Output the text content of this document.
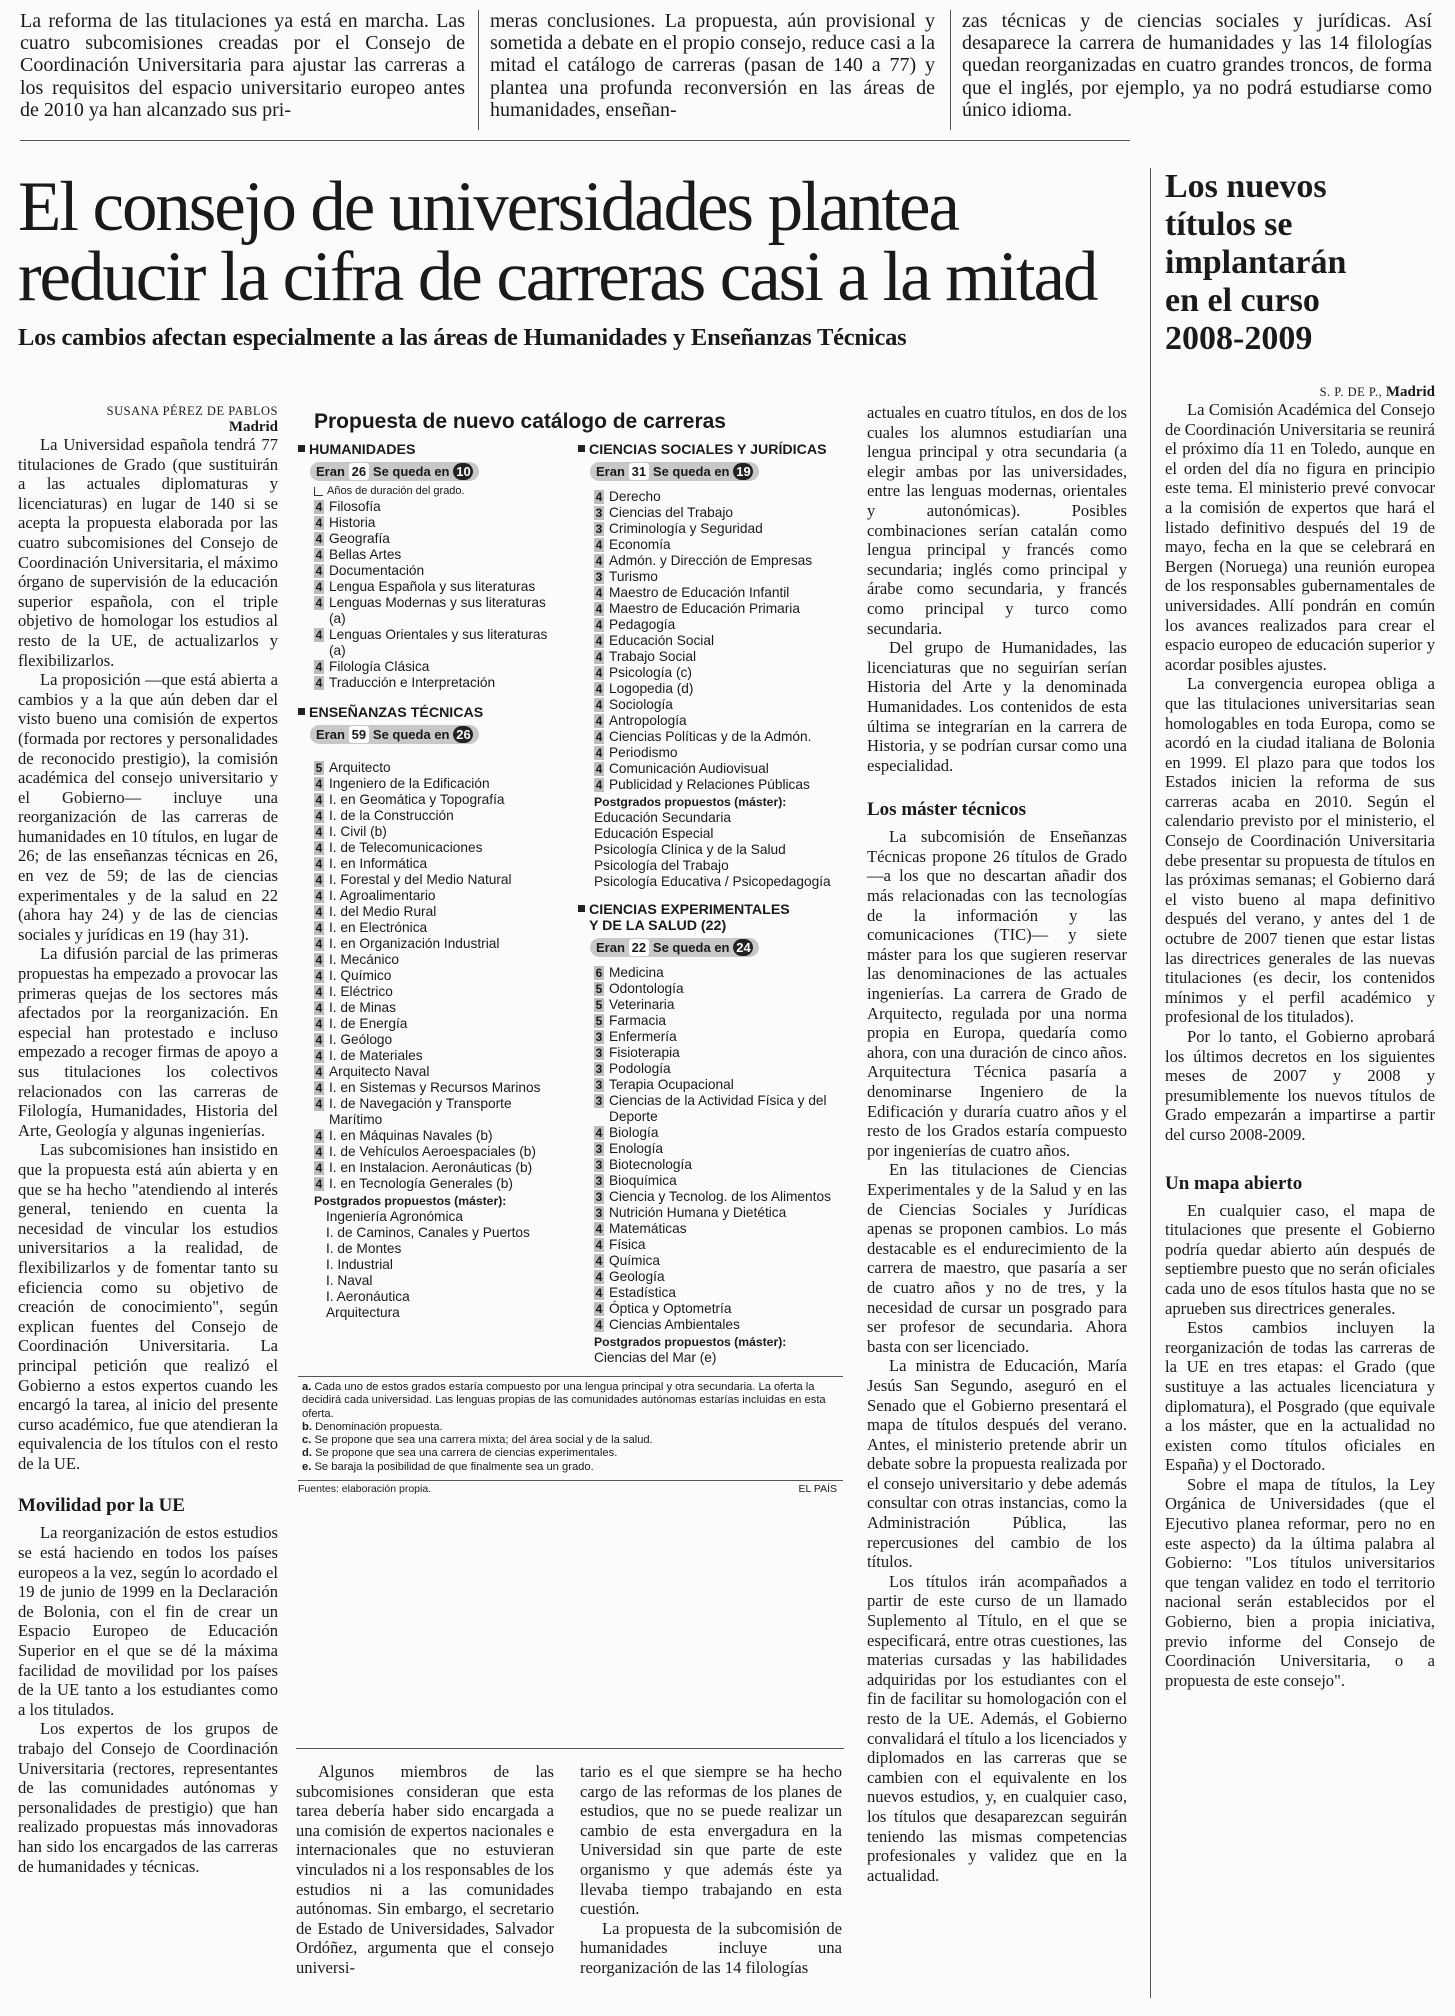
La reforma de las titulaciones ya está en marcha. Las cuatro subcomisiones creadas por el Consejo de Coordinación Universitaria para ajustar las carreras a los requisitos del espacio universitario europeo antes de 2010 ya han alcanzado sus pri-

meras conclusiones. La propuesta, aún provisional y sometida a debate en el propio consejo, reduce casi a la mitad el catálogo de carreras (pasan de 140 a 77) y plantea una profunda reconversión en las áreas de humanidades, enseñan-

zas técnicas y de ciencias sociales y jurídicas. Así desaparece la carrera de humanidades y las 14 filologías quedan reorganizadas en cuatro grandes troncos, de forma que el inglés, por ejemplo, ya no podrá estudiarse como único idioma.

El consejo de universidades plantea
reducir la cifra de carreras casi a la mitad
Los cambios afectan especialmente a las áreas de Humanidades y Enseñanzas Técnicas
SUSANA PÉREZ DE PABLOS
Madrid

La Universidad española tendrá 77 titulaciones de Grado (que sustituirán a las actuales diplomaturas y licenciaturas) en lugar de 140 si se acepta la propuesta elaborada por las cuatro subcomisiones del Consejo de Coordinación Universitaria, el máximo órgano de supervisión de la educación superior española, con el triple objetivo de homologar los estudios al resto de la UE, de actualizarlos y flexibilizarlos.

La proposición —que está abierta a cambios y a la que aún deben dar el visto bueno una comisión de expertos (formada por rectores y personalidades de reconocido prestigio), la comisión académica del consejo universitario y el Gobierno— incluye una reorganización de las carreras de humanidades en 10 títulos, en lugar de 26; de las enseñanzas técnicas en 26, en vez de 59; de las de ciencias experimentales y de la salud en 22 (ahora hay 24) y de las de ciencias sociales y jurídicas en 19 (hay 31).

La difusión parcial de las primeras propuestas ha empezado a provocar las primeras quejas de los sectores más afectados por la reorganización. En especial han protestado e incluso empezado a recoger firmas de apoyo a sus titulaciones los colectivos relacionados con las carreras de Filología, Humanidades, Historia del Arte, Geología y algunas ingenierías.

Las subcomisiones han insistido en que la propuesta está aún abierta y en que se ha hecho "atendiendo al interés general, teniendo en cuenta la necesidad de vincular los estudios universitarios a la realidad, de flexibilizarlos y de fomentar tanto su eficiencia como su objetivo de creación de conocimiento", según explican fuentes del Consejo de Coordinación Universitaria. La principal petición que realizó el Gobierno a estos expertos cuando les encargó la tarea, al inicio del presente curso académico, fue que atendieran la equivalencia de los títulos con el resto de la UE.

Movilidad por la UE

La reorganización de estos estudios se está haciendo en todos los países europeos a la vez, según lo acordado el 19 de junio de 1999 en la Declaración de Bolonia, con el fin de crear un Espacio Europeo de Educación Superior en el que se dé la máxima facilidad de movilidad por los países de la UE tanto a los estudiantes como a los titulados.

Los expertos de los grupos de trabajo del Consejo de Coordinación Universitaria (rectores, representantes de las comunidades autónomas y personalidades de prestigio) que han realizado propuestas más innovadoras han sido los encargados de las carreras de humanidades y técnicas.

Propuesta de nuevo catálogo de carreras
HUMANIDADES
Eran 26 Se queda en 10
Años de duración del grado.
4 Filosofía
4 Historia
4 Geografía
4 Bellas Artes
4 Documentación
4 Lengua Española y sus literaturas
4 Lenguas Modernas y sus literaturas (a)
4 Lenguas Orientales y sus literaturas (a)
4 Filología Clásica
4 Traducción e Interpretación
ENSEÑANZAS TÉCNICAS
Eran 59 Se queda en 26
5 Arquitecto
4 Ingeniero de la Edificación
4 I. en Geomática y Topografía
4 I. de la Construcción
4 I. Civil (b)
4 I. de Telecomunicaciones
4 I. en Informática
4 I. Forestal y del Medio Natural
4 I. Agroalimentario
4 I. del Medio Rural
4 I. en Electrónica
4 I. en Organización Industrial
4 I. Mecánico
4 I. Químico
4 I. Eléctrico
4 I. de Minas
4 I. de Energía
4 I. Geólogo
4 I. de Materiales
4 Arquitecto Naval
4 I. en Sistemas y Recursos Marinos
4 I. de Navegación y Transporte Marítimo
4 I. en Máquinas Navales (b)
4 I. de Vehículos Aeroespaciales (b)
4 I. en Instalacion. Aeronáuticas (b)
4 I. en Tecnología Generales (b)
Postgrados propuestos (máster):
Ingeniería Agronómica
I. de Caminos, Canales y Puertos
I. de Montes
I. Industrial
I. Naval
I. Aeronáutica
Arquitectura
CIENCIAS SOCIALES Y JURÍDICAS
Eran 31 Se queda en 19
4 Derecho
3 Ciencias del Trabajo
3 Criminología y Seguridad
4 Economía
4 Admón. y Dirección de Empresas
3 Turismo
4 Maestro de Educación Infantil
4 Maestro de Educación Primaria
4 Pedagogía
4 Educación Social
4 Trabajo Social
4 Psicología (c)
4 Logopedia (d)
4 Sociología
4 Antropología
4 Ciencias Políticas y de la Admón.
4 Periodismo
4 Comunicación Audiovisual
4 Publicidad y Relaciones Públicas
Postgrados propuestos (máster):
Educación Secundaria
Educación Especial
Psicología Clínica y de la Salud
Psicología del Trabajo
Psicología Educativa / Psicopedagogía
CIENCIAS EXPERIMENTALES
Y DE LA SALUD (22)
Eran 22 Se queda en 24
6 Medicina
5 Odontología
5 Veterinaria
5 Farmacia
3 Enfermería
3 Fisioterapia
3 Podología
3 Terapia Ocupacional
3 Ciencias de la Actividad Física y del Deporte
4 Biología
3 Enología
3 Biotecnología
3 Bioquímica
3 Ciencia y Tecnolog. de los Alimentos
3 Nutrición Humana y Dietética
4 Matemáticas
4 Física
4 Química
4 Geología
4 Estadística
4 Óptica y Optometría
4 Ciencias Ambientales
Postgrados propuestos (máster):
Ciencias del Mar (e)
a. Cada uno de estos grados estaría compuesto por una lengua principal y otra secundaria. La oferta la decidirá cada universidad. Las lenguas propias de las comunidades autónomas estarías incluidas en esta oferta.
b. Denominación propuesta.
c. Se propone que sea una carrera mixta; del área social y de la salud.
d. Se propone que sea una carrera de ciencias experimentales.
e. Se baraja la posibilidad de que finalmente sea un grado.
Fuentes: elaboración propia.	EL PAÍS

Algunos miembros de las subcomisiones consideran que esta tarea debería haber sido encargada a una comisión de expertos nacionales e internacionales que no estuvieran vinculados ni a los responsables de los estudios ni a las comunidades autónomas. Sin embargo, el secretario de Estado de Universidades, Salvador Ordóñez, argumenta que el consejo universi-

tario es el que siempre se ha hecho cargo de las reformas de los planes de estudios, que no se puede realizar un cambio de esta envergadura en la Universidad sin que parte de este organismo y que además éste ya llevaba tiempo trabajando en esta cuestión.

La propuesta de la subcomisión de humanidades incluye una reorganización de las 14 filologías

actuales en cuatro títulos, en dos de los cuales los alumnos estudiarían una lengua principal y otra secundaria (a elegir ambas por las universidades, entre las lenguas modernas, orientales y autonómicas). Posibles combinaciones serían catalán como lengua principal y francés como secundaria; inglés como principal y árabe como secundaria, y francés como principal y turco como secundaria.

Del grupo de Humanidades, las licenciaturas que no seguirían serían Historia del Arte y la denominada Humanidades. Los contenidos de esta última se integrarían en la carrera de Historia, y se podrían cursar como una especialidad.

Los máster técnicos

La subcomisión de Enseñanzas Técnicas propone 26 títulos de Grado —a los que no descartan añadir dos más relacionadas con las tecnologías de la información y las comunicaciones (TIC)— y siete máster para los que sugieren reservar las denominaciones de las actuales ingenierías. La carrera de Grado de Arquitecto, regulada por una norma propia en Europa, quedaría como ahora, con una duración de cinco años. Arquitectura Técnica pasaría a denominarse Ingeniero de la Edificación y duraría cuatro años y el resto de los Grados estaría compuesto por ingenierías de cuatro años.

En las titulaciones de Ciencias Experimentales y de la Salud y en las de Ciencias Sociales y Jurídicas apenas se proponen cambios. Lo más destacable es el endurecimiento de la carrera de maestro, que pasaría a ser de cuatro años y no de tres, y la necesidad de cursar un posgrado para ser profesor de secundaria. Ahora basta con ser licenciado.

La ministra de Educación, María Jesús San Segundo, aseguró en el Senado que el Gobierno presentará el mapa de títulos después del verano. Antes, el ministerio pretende abrir un debate sobre la propuesta realizada por el consejo universitario y debe además consultar con otras instancias, como la Administración Pública, las repercusiones del cambio de los títulos.

Los títulos irán acompañados a partir de este curso de un llamado Suplemento al Título, en el que se especificará, entre otras cuestiones, las materias cursadas y las habilidades adquiridas por los estudiantes con el fin de facilitar su homologación con el resto de la UE. Además, el Gobierno convalidará el título a los licenciados y diplomados en las carreras que se cambien con el equivalente en los nuevos estudios, y, en cualquier caso, los títulos que desaparezcan seguirán teniendo las mismas competencias profesionales y validez que en la actualidad.

Los nuevos títulos se implantarán en el curso 2008-2009
S. P. DE P., Madrid

La Comisión Académica del Consejo de Coordinación Universitaria se reunirá el próximo día 11 en Toledo, aunque en el orden del día no figura en principio este tema. El ministerio prevé convocar a la comisión de expertos que hará el listado definitivo después del 19 de mayo, fecha en la que se celebrará en Bergen (Noruega) una reunión europea de los responsables gubernamentales de universidades. Allí pondrán en común los avances realizados para crear el espacio europeo de educación superior y acordar posibles ajustes.

La convergencia europea obliga a que las titulaciones universitarias sean homologables en toda Europa, como se acordó en la ciudad italiana de Bolonia en 1999. El plazo para que todos los Estados inicien la reforma de sus carreras acaba en 2010. Según el calendario previsto por el ministerio, el Consejo de Coordinación Universitaria debe presentar su propuesta de títulos en las próximas semanas; el Gobierno dará el visto bueno al mapa definitivo después del verano, y antes del 1 de octubre de 2007 tienen que estar listas las directrices generales de las nuevas titulaciones (es decir, los contenidos mínimos y el perfil académico y profesional de los titulados).

Por lo tanto, el Gobierno aprobará los últimos decretos en los siguientes meses de 2007 y 2008 y presumiblemente los nuevos títulos de Grado empezarán a impartirse a partir del curso 2008-2009.

Un mapa abierto

En cualquier caso, el mapa de titulaciones que presente el Gobierno podría quedar abierto aún después de septiembre puesto que no serán oficiales cada uno de esos títulos hasta que no se aprueben sus directrices generales.

Estos cambios incluyen la reorganización de todas las carreras de la UE en tres etapas: el Grado (que sustituye a las actuales licenciatura y diplomatura), el Posgrado (que equivale a los máster, que en la actualidad no existen como títulos oficiales en España) y el Doctorado.

Sobre el mapa de títulos, la Ley Orgánica de Universidades (que el Ejecutivo planea reformar, pero no en este aspecto) da la última palabra al Gobierno: "Los títulos universitarios que tengan validez en todo el territorio nacional serán establecidos por el Gobierno, bien a propia iniciativa, previo informe del Consejo de Coordinación Universitaria, o a propuesta de este consejo".
